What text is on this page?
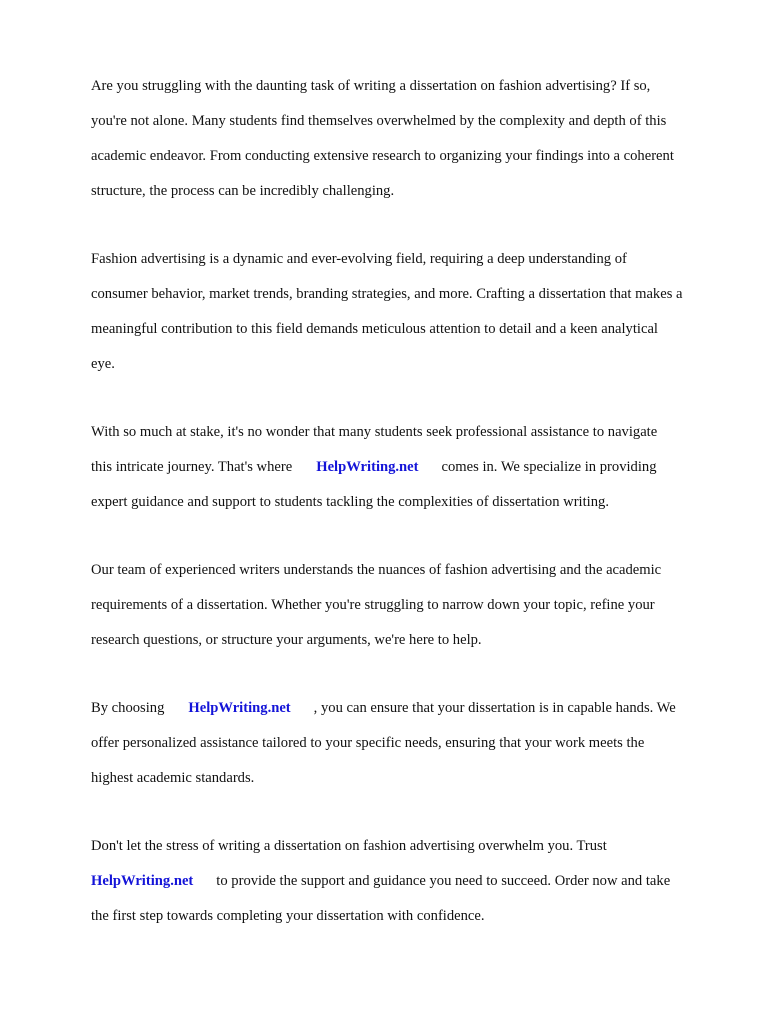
Are you struggling with the daunting task of writing a dissertation on fashion advertising? If so,

you're not alone. Many students find themselves overwhelmed by the complexity and depth of this

academic endeavor. From conducting extensive research to organizing your findings into a coherent

structure, the process can be incredibly challenging.

Fashion advertising is a dynamic and ever-evolving field, requiring a deep understanding of

consumer behavior, market trends, branding strategies, and more. Crafting a dissertation that makes a

meaningful contribution to this field demands meticulous attention to detail and a keen analytical

eye.

With so much at stake, it's no wonder that many students seek professional assistance to navigate

this intricate journey. That's where HelpWriting.net comes in. We specialize in providing

expert guidance and support to students tackling the complexities of dissertation writing.

Our team of experienced writers understands the nuances of fashion advertising and the academic

requirements of a dissertation. Whether you're struggling to narrow down your topic, refine your

research questions, or structure your arguments, we're here to help.

By choosing HelpWriting.net , you can ensure that your dissertation is in capable hands. We

offer personalized assistance tailored to your specific needs, ensuring that your work meets the

highest academic standards.

Don't let the stress of writing a dissertation on fashion advertising overwhelm you. Trust

HelpWriting.net to provide the support and guidance you need to succeed. Order now and take

the first step towards completing your dissertation with confidence.
